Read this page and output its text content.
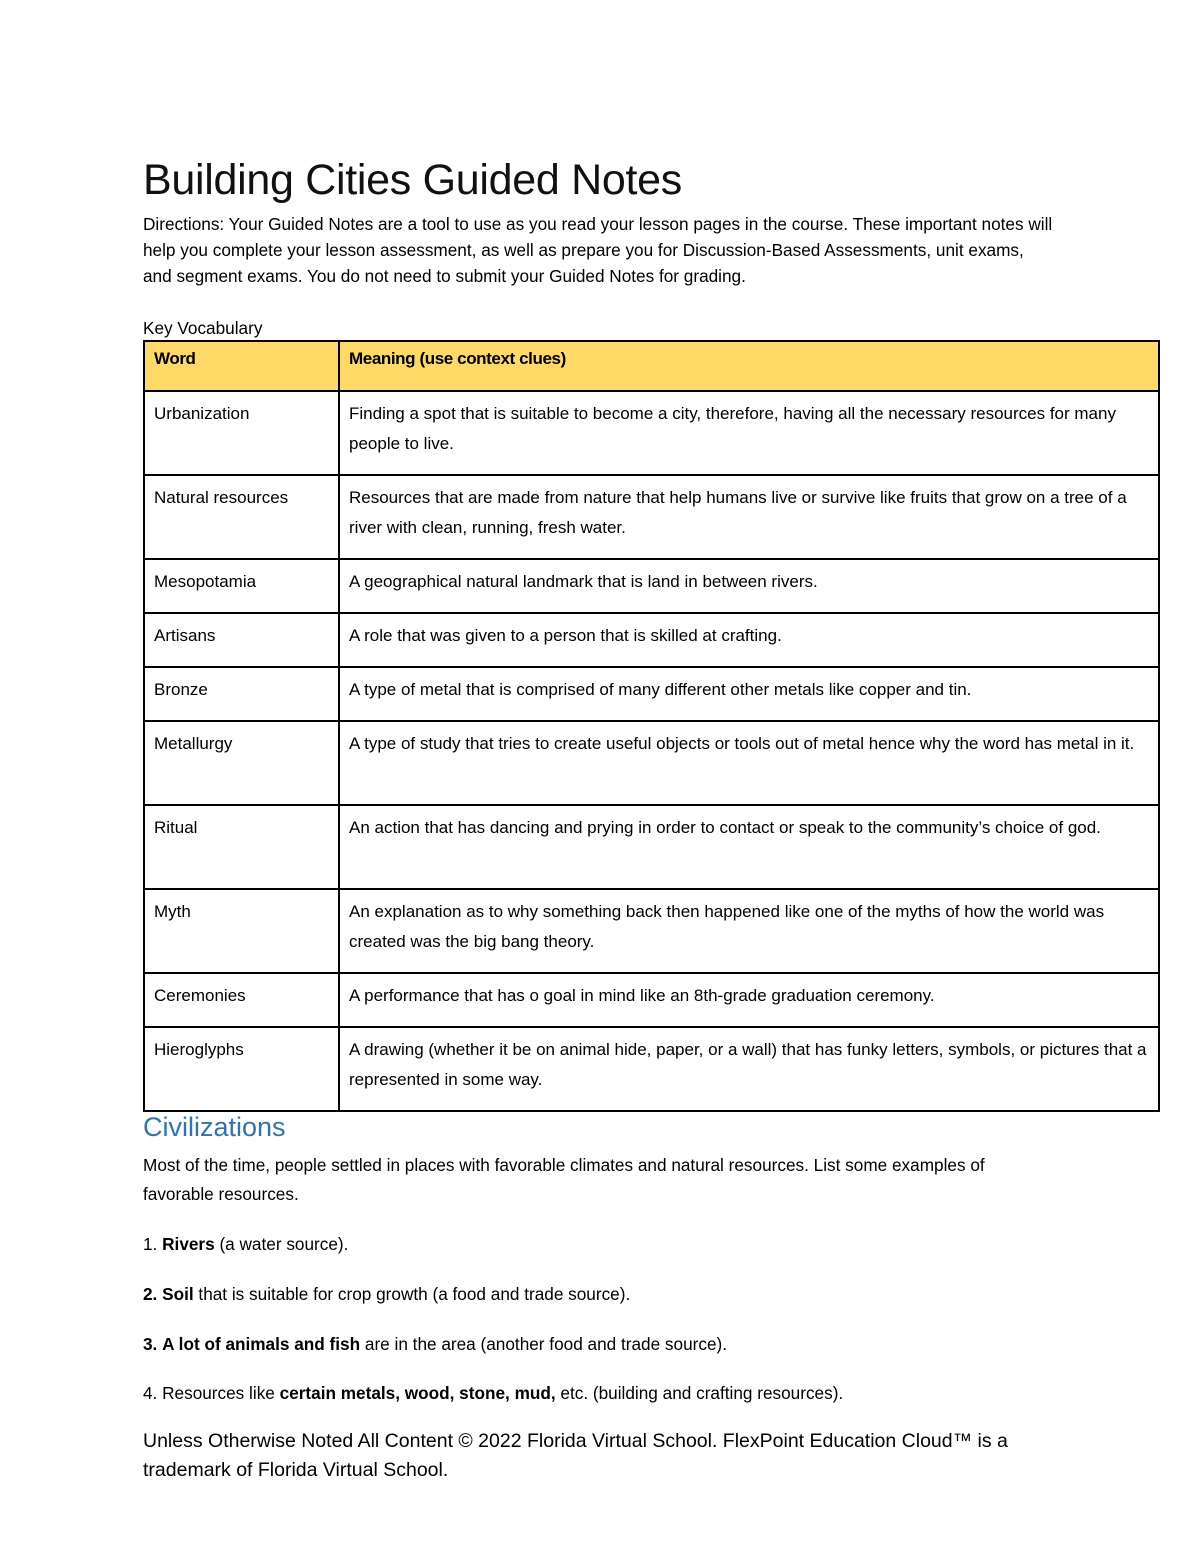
Building Cities Guided Notes
Directions: Your Guided Notes are a tool to use as you read your lesson pages in the course. These important notes will help you complete your lesson assessment, as well as prepare you for Discussion-Based Assessments, unit exams, and segment exams. You do not need to submit your Guided Notes for grading.
Key Vocabulary
Word	Meaning (use context clues)
Urbanization	Finding a spot that is suitable to become a city, therefore, having all the necessary resources for many people to live.
Natural resources	Resources that are made from nature that help humans live or survive like fruits that grow on a tree of a river with clean, running, fresh water.
Mesopotamia	A geographical natural landmark that is land in between rivers.
Artisans	A role that was given to a person that is skilled at crafting.
Bronze	A type of metal that is comprised of many different other metals like copper and tin.
Metallurgy	A type of study that tries to create useful objects or tools out of metal hence why the word has metal in it.
Ritual	An action that has dancing and prying in order to contact or speak to the community’s choice of god.
Myth	An explanation as to why something back then happened like one of the myths of how the world was created was the big bang theory.
Ceremonies	A performance that has o goal in mind like an 8th-grade graduation ceremony.
Hieroglyphs	A drawing (whether it be on animal hide, paper, or a wall) that has funky letters, symbols, or pictures that a represented in some way.
Civilizations
Most of the time, people settled in places with favorable climates and natural resources. List some examples of favorable resources.
1. Rivers (a water source).
2. Soil that is suitable for crop growth (a food and trade source).
3. A lot of animals and fish are in the area (another food and trade source).
4. Resources like certain metals, wood, stone, mud, etc. (building and crafting resources).
Unless Otherwise Noted All Content © 2022 Florida Virtual School. FlexPoint Education Cloud™ is a trademark of Florida Virtual School.
